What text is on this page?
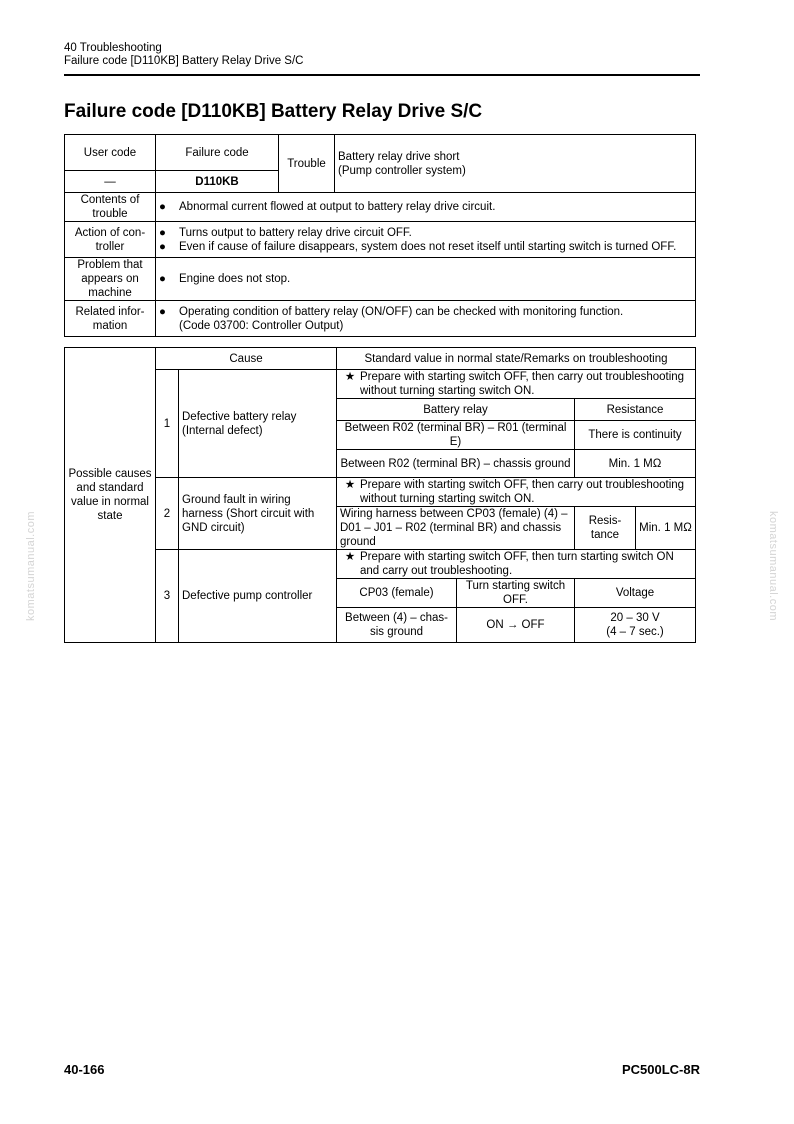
40 Troubleshooting
Failure code [D110KB] Battery Relay Drive S/C
Failure code [D110KB] Battery Relay Drive S/C
User code	Failure code	Trouble	Battery relay drive short
(Pump controller system)

—	D110KB		
Contents of trouble	● Abnormal current flowed at output to battery relay drive circuit.		

Action of con- troller	● Turns output to battery relay drive circuit OFF.
● Even if cause of failure disappears, system does not reset itself until starting switch is turned OFF.		

Problem that appears on machine	● Engine does not stop.		

Related infor- mation	● Operating condition of battery relay (ON/OFF) can be checked with monitoring function.
(Code 03700: Controller Output)		
Possible causes and standard value in normal state	Cause		Standard value in normal state/Remarks on troubleshooting			
	1	Defective battery relay (Internal defect)	★ Prepare with starting switch OFF, then carry out troubleshooting without turning starting switch ON.			

			Battery relay		Resistance	
			Between R02 (terminal BR) – R01 (terminal E)		There is continuity	
			Between R02 (terminal BR) – chassis ground		Min. 1 MΩ	
	2	Ground fault in wiring harness (Short circuit with GND circuit)	★ Prepare with starting switch OFF, then carry out troubleshooting without turning starting switch ON.			

			Wiring harness between CP03 (female) (4) – D01 – J01 – R02 (terminal BR) and chassis ground		Resis- tance	Min. 1 MΩ

	3	Defective pump controller	★ Prepare with starting switch OFF, then turn starting switch ON and carry out troubleshooting.			

			CP03 (female)	Turn starting switch OFF.	Voltage	
			Between (4) – chas- sis ground	ON → OFF	20 – 30 V
(4 – 7 sec.)	
komatsumanual.com	komatsumanual.com
40-166	PC500LC-8R
